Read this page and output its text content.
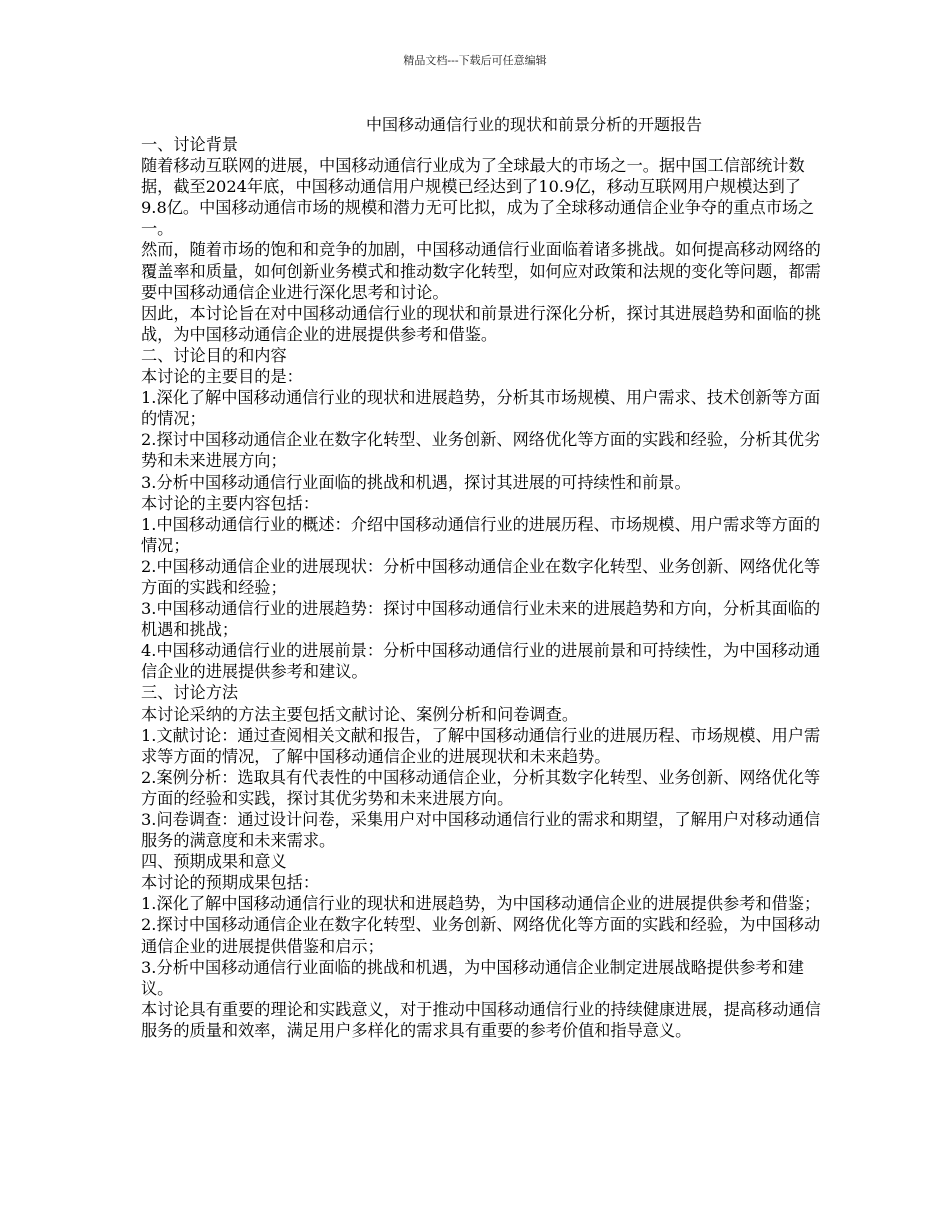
精品文档---下载后可任意编辑
中国移动通信行业的现状和前景分析的开题报告

一、讨论背景

随着移动互联网的进展，中国移动通信行业成为了全球最大的市场之一。据中国工信部统计数据，截至2024年底，中国移动通信用户规模已经达到了10.9亿，移动互联网用户规模达到了9.8亿。中国移动通信市场的规模和潜力无可比拟，成为了全球移动通信企业争夺的重点市场之一。

然而，随着市场的饱和和竞争的加剧，中国移动通信行业面临着诸多挑战。如何提高移动网络的覆盖率和质量，如何创新业务模式和推动数字化转型，如何应对政策和法规的变化等问题，都需要中国移动通信企业进行深化思考和讨论。

因此，本讨论旨在对中国移动通信行业的现状和前景进行深化分析，探讨其进展趋势和面临的挑战，为中国移动通信企业的进展提供参考和借鉴。

二、讨论目的和内容

本讨论的主要目的是：

1.深化了解中国移动通信行业的现状和进展趋势，分析其市场规模、用户需求、技术创新等方面的情况；

2.探讨中国移动通信企业在数字化转型、业务创新、网络优化等方面的实践和经验，分析其优劣势和未来进展方向；

3.分析中国移动通信行业面临的挑战和机遇，探讨其进展的可持续性和前景。

本讨论的主要内容包括：

1.中国移动通信行业的概述：介绍中国移动通信行业的进展历程、市场规模、用户需求等方面的情况；

2.中国移动通信企业的进展现状：分析中国移动通信企业在数字化转型、业务创新、网络优化等方面的实践和经验；

3.中国移动通信行业的进展趋势：探讨中国移动通信行业未来的进展趋势和方向，分析其面临的机遇和挑战；

4.中国移动通信行业的进展前景：分析中国移动通信行业的进展前景和可持续性，为中国移动通信企业的进展提供参考和建议。

三、讨论方法

本讨论采纳的方法主要包括文献讨论、案例分析和问卷调查。

1.文献讨论：通过查阅相关文献和报告，了解中国移动通信行业的进展历程、市场规模、用户需求等方面的情况，了解中国移动通信企业的进展现状和未来趋势。

2.案例分析：选取具有代表性的中国移动通信企业，分析其数字化转型、业务创新、网络优化等方面的经验和实践，探讨其优劣势和未来进展方向。

3.问卷调查：通过设计问卷，采集用户对中国移动通信行业的需求和期望，了解用户对移动通信服务的满意度和未来需求。

四、预期成果和意义

本讨论的预期成果包括：

1.深化了解中国移动通信行业的现状和进展趋势，为中国移动通信企业的进展提供参考和借鉴；

2.探讨中国移动通信企业在数字化转型、业务创新、网络优化等方面的实践和经验，为中国移动通信企业的进展提供借鉴和启示；

3.分析中国移动通信行业面临的挑战和机遇，为中国移动通信企业制定进展战略提供参考和建议。

本讨论具有重要的理论和实践意义，对于推动中国移动通信行业的持续健康进展，提高移动通信服务的质量和效率，满足用户多样化的需求具有重要的参考价值和指导意义。
